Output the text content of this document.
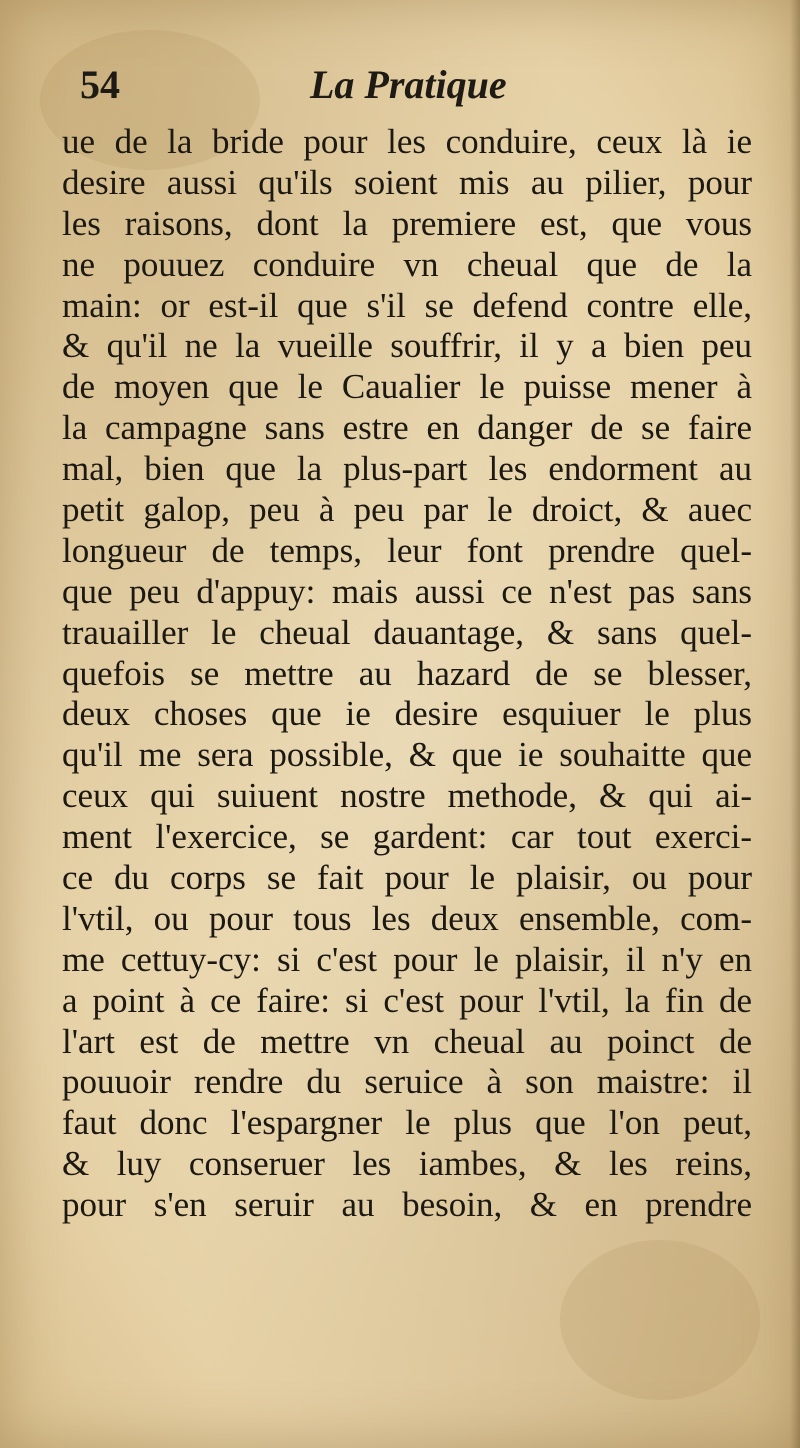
54	La Pratique
ue de la bride pour les conduire, ceux là ie
desire aussi qu'ils soient mis au pilier, pour
les raisons, dont la premiere est, que vous
ne pouuez conduire vn cheual que de la
main: or est-il que s'il se defend contre elle,
& qu'il ne la vueille souffrir, il y a bien peu
de moyen que le Caualier le puisse mener à
la campagne sans estre en danger de se faire
mal, bien que la plus-part les endorment au
petit galop, peu à peu par le droict, & auec
longueur de temps, leur font prendre quel-
que peu d'appuy: mais aussi ce n'est pas sans
trauailler le cheual dauantage, & sans quel-
quefois se mettre au hazard de se blesser,
deux choses que ie desire esquiuer le plus
qu'il me sera possible, & que ie souhaitte que
ceux qui suiuent nostre methode, & qui ai-
ment l'exercice, se gardent: car tout exerci-
ce du corps se fait pour le plaisir, ou pour
l'vtil, ou pour tous les deux ensemble, com-
me cettuy-cy: si c'est pour le plaisir, il n'y en
a point à ce faire: si c'est pour l'vtil, la fin de
l'art est de mettre vn cheual au poinct de
pouuoir rendre du seruice à son maistre: il
faut donc l'espargner le plus que l'on peut,
& luy conseruer les iambes, & les reins,
pour s'en seruir au besoin, & en prendre
